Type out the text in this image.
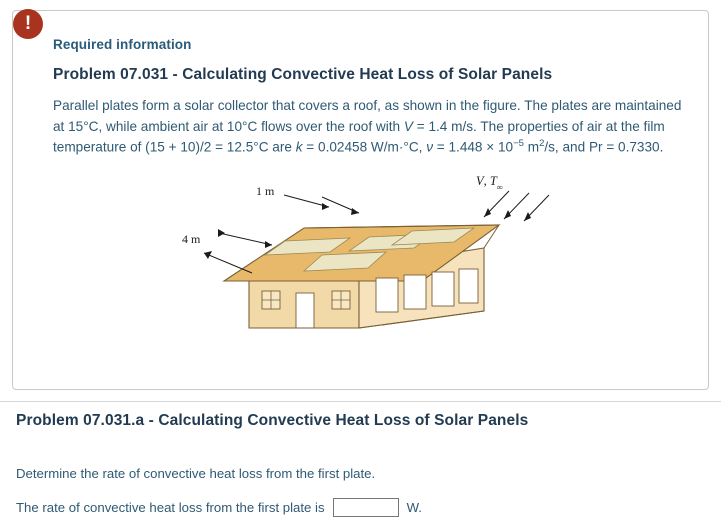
!
Required information
Problem 07.031 - Calculating Convective Heat Loss of Solar Panels

Parallel plates form a solar collector that covers a roof, as shown in the figure. The plates are maintained at 15°C, while ambient air at 10°C flows over the roof with V = 1.4 m/s. The properties of air at the film temperature of (15 + 10)/2 = 12.5°C are k = 0.02458 W/m·°C, $\nu = 1.448 \times 10^{-5}$ $m^2/s$, and Pr = 0.7330.

1 m
4 m
V, $T_\infty$
Problem 07.031.a - Calculating Convective Heat Loss of Solar Panels
Determine the rate of convective heat loss from the first plate.
The rate of convective heat loss from the first plate is	W.
